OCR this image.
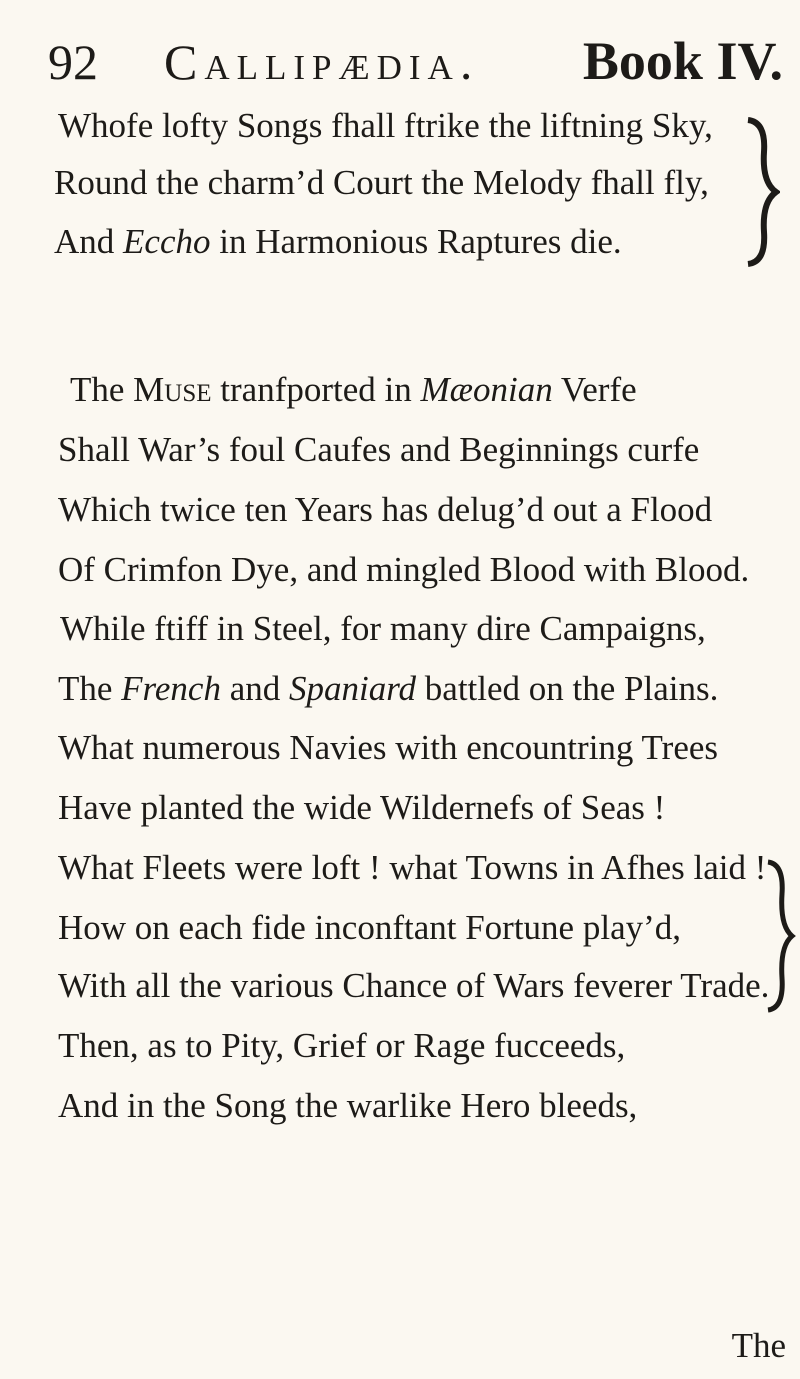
92 Callipædia. Book IV.
Whofe lofty Songs fhall ftrike the liftning Sky,
Round the charm’d Court the Melody fhall fly,
And Eccho in Harmonious Raptures die.
The Muse tranfported in Mæonian Verfe
Shall War’s foul Caufes and Beginnings curfe
Which twice ten Years has delug’d out a Flood
Of Crimfon Dye, and mingled Blood with Blood.
While ftiff in Steel, for many dire Campaigns,
The French and Spaniard battled on the Plains.
What numerous Navies with encountring Trees
Have planted the wide Wildernefs of Seas !
What Fleets were loft ! what Towns in Afhes laid !
How on each fide inconftant Fortune play’d,
With all the various Chance of Wars feverer Trade.
Then, as to Pity, Grief or Rage fucceeds,
And in the Song the warlike Hero bleeds,
The
